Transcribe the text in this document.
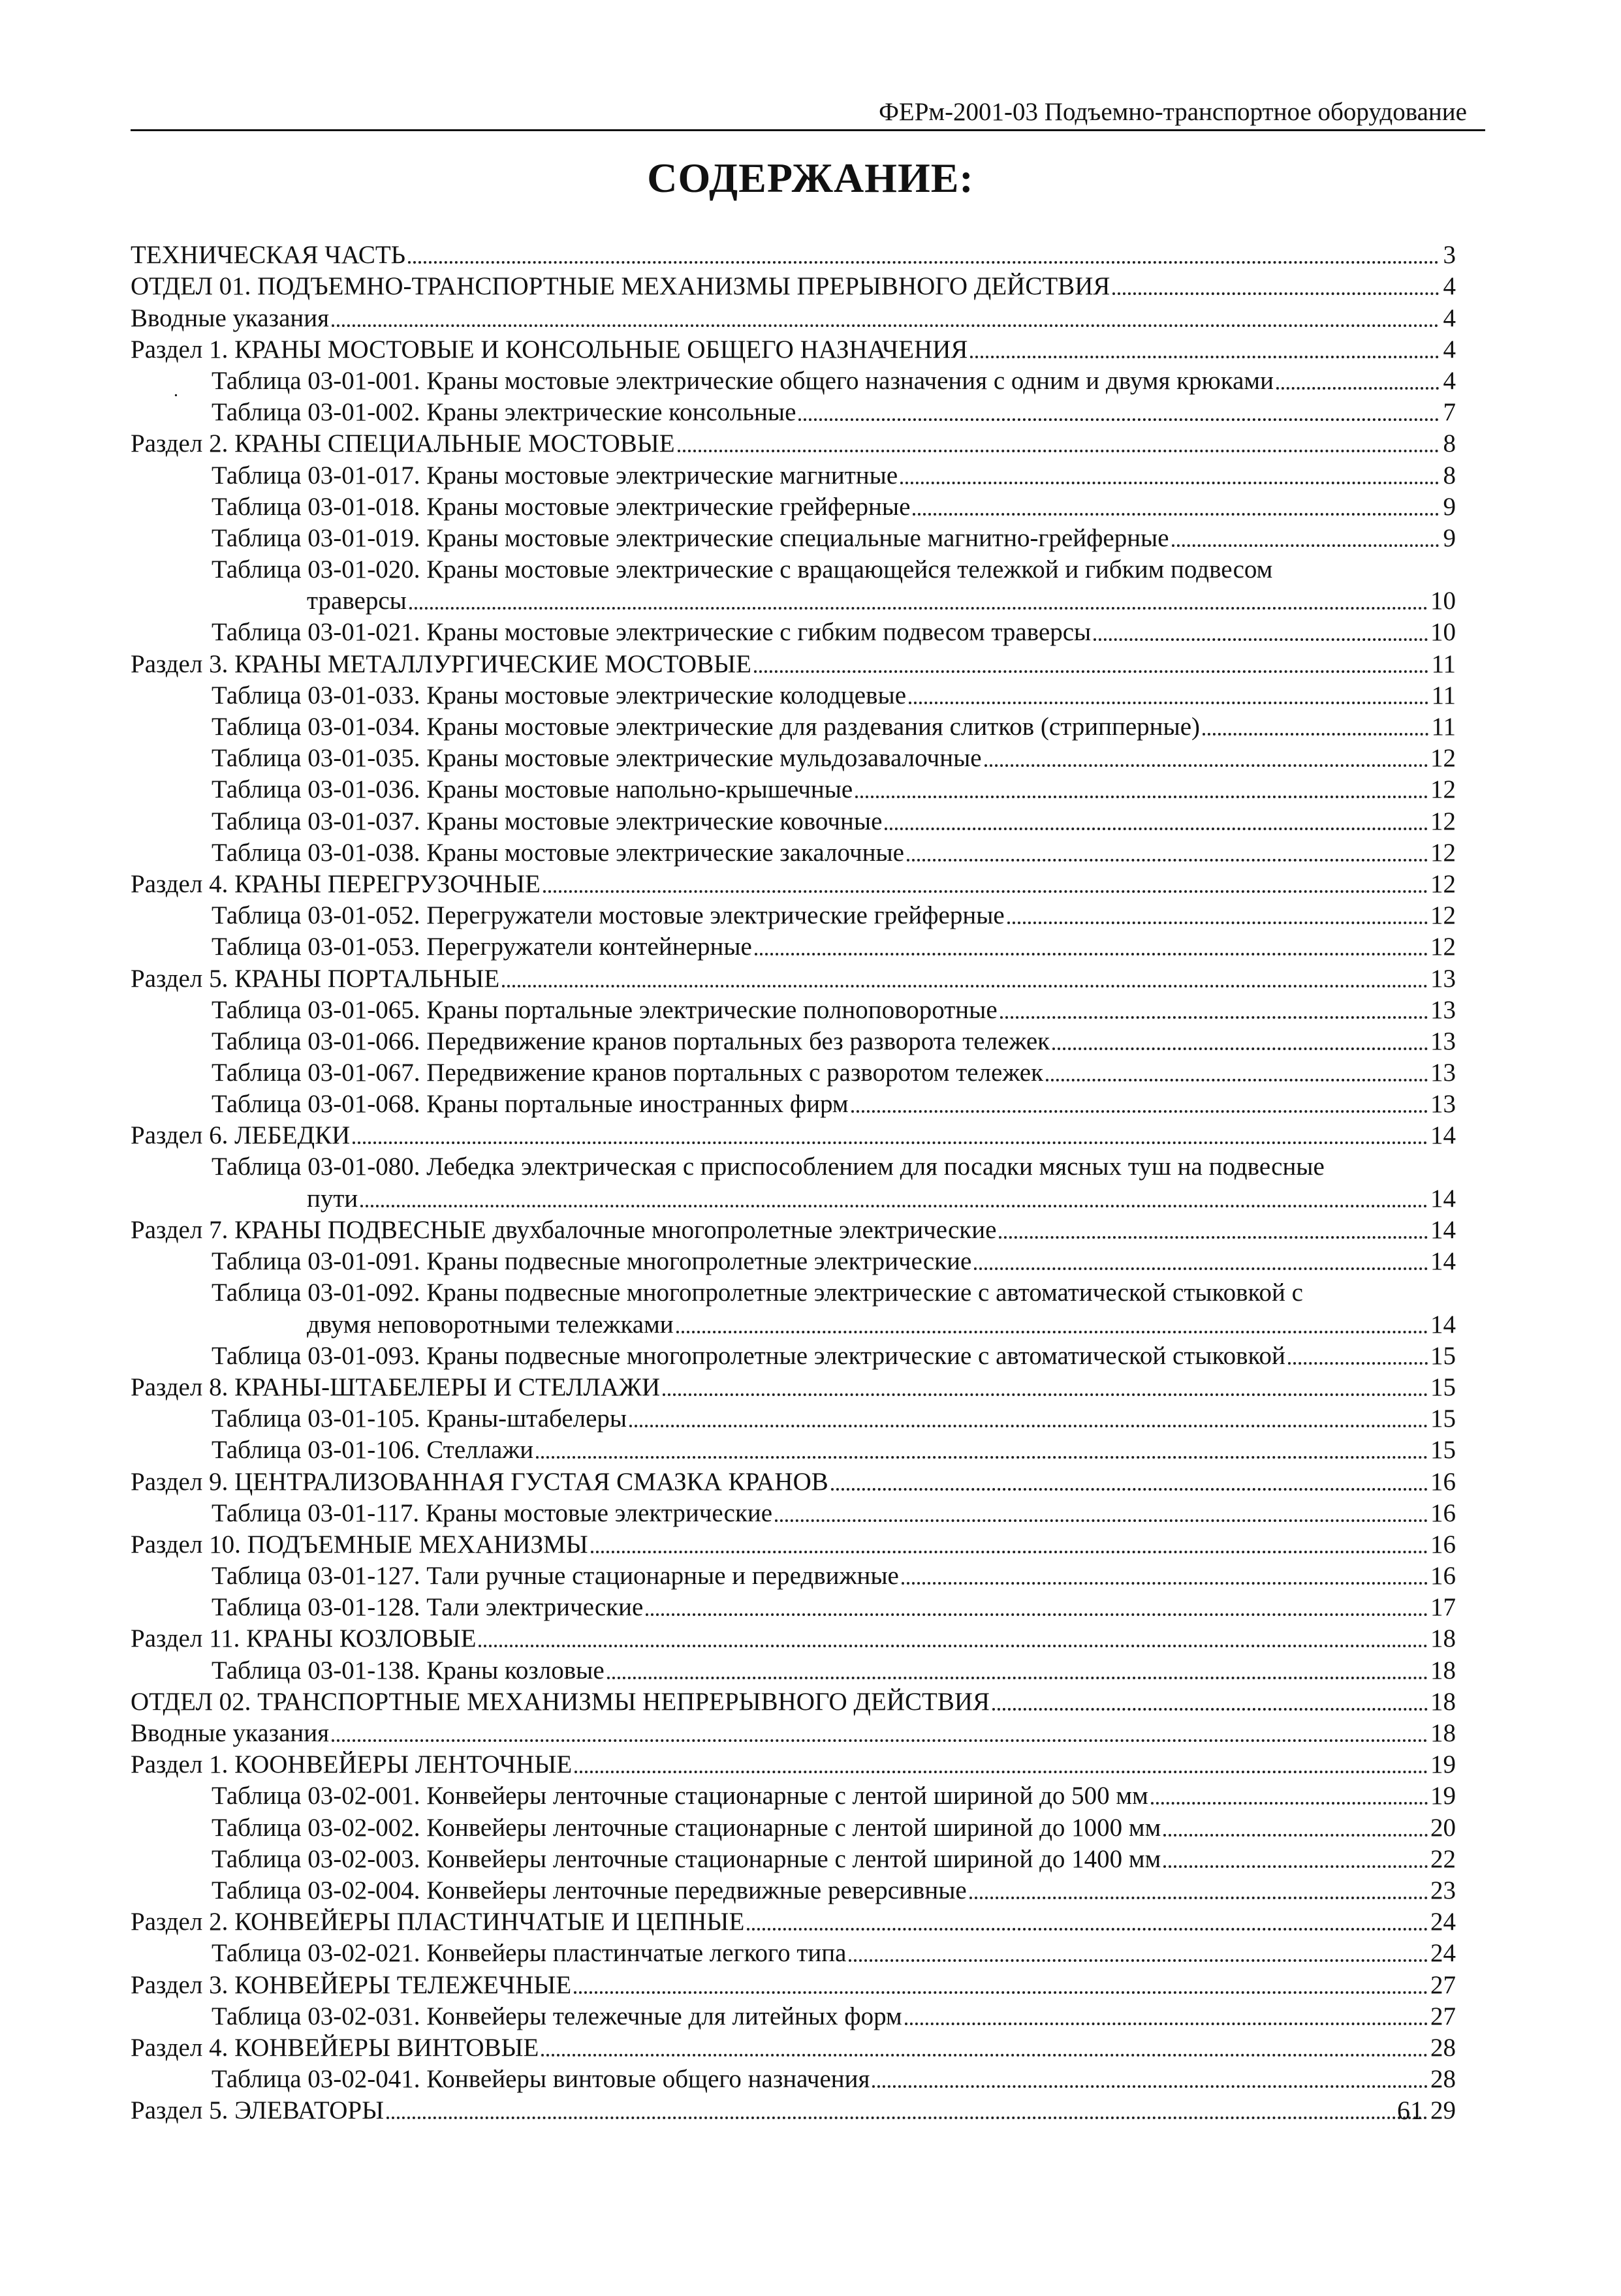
ФЕРм-2001-03 Подъемно-транспортное оборудование
СОДЕРЖАНИЕ:
.
ТЕХНИЧЕСКАЯ ЧАСТЬ	3
ОТДЕЛ 01. ПОДЪЕМНО-ТРАНСПОРТНЫЕ МЕХАНИЗМЫ ПРЕРЫВНОГО ДЕЙСТВИЯ	4
Вводные указания	4
Раздел 1. КРАНЫ МОСТОВЫЕ И КОНСОЛЬНЫЕ ОБЩЕГО НАЗНАЧЕНИЯ	4
Таблица 03-01-001. Краны мостовые электрические общего назначения с одним и двумя крюками	4
Таблица 03-01-002. Краны электрические консольные	7
Раздел 2. КРАНЫ СПЕЦИАЛЬНЫЕ МОСТОВЫЕ	8
Таблица 03-01-017. Краны мостовые электрические магнитные	8
Таблица 03-01-018. Краны мостовые электрические грейферные	9
Таблица 03-01-019. Краны мостовые электрические специальные магнитно-грейферные	9
Таблица 03-01-020. Краны мостовые электрические с вращающейся тележкой и гибким подвесом
траверсы	10
Таблица 03-01-021. Краны мостовые электрические с гибким подвесом траверсы	10
Раздел 3. КРАНЫ МЕТАЛЛУРГИЧЕСКИЕ МОСТОВЫЕ	11
Таблица 03-01-033. Краны мостовые электрические колодцевые	11
Таблица 03-01-034. Краны мостовые электрические для раздевания слитков (стрипперные)	11
Таблица 03-01-035. Краны мостовые электрические мульдозавалочные	12
Таблица 03-01-036. Краны мостовые напольно-крышечные	12
Таблица 03-01-037. Краны мостовые электрические ковочные	12
Таблица 03-01-038. Краны мостовые электрические закалочные	12
Раздел 4. КРАНЫ ПЕРЕГРУЗОЧНЫЕ	12
Таблица 03-01-052. Перегружатели мостовые электрические грейферные	12
Таблица 03-01-053. Перегружатели контейнерные	12
Раздел 5. КРАНЫ ПОРТАЛЬНЫЕ	13
Таблица 03-01-065. Краны портальные электрические полноповоротные	13
Таблица 03-01-066. Передвижение кранов портальных без разворота тележек	13
Таблица 03-01-067. Передвижение кранов портальных с разворотом тележек	13
Таблица 03-01-068. Краны портальные иностранных фирм	13
Раздел 6. ЛЕБЕДКИ	14
Таблица 03-01-080. Лебедка электрическая с приспособлением для посадки мясных туш на подвесные
пути	14
Раздел 7. КРАНЫ ПОДВЕСНЫЕ двухбалочные многопролетные электрические	14
Таблица 03-01-091. Краны подвесные многопролетные электрические	14
Таблица 03-01-092. Краны подвесные многопролетные электрические с автоматической стыковкой с
двумя неповоротными тележками	14
Таблица 03-01-093. Краны подвесные многопролетные электрические с автоматической стыковкой	15
Раздел 8. КРАНЫ-ШТАБЕЛЕРЫ И СТЕЛЛАЖИ	15
Таблица 03-01-105. Краны-штабелеры	15
Таблица 03-01-106. Стеллажи	15
Раздел 9. ЦЕНТРАЛИЗОВАННАЯ ГУСТАЯ СМАЗКА КРАНОВ	16
Таблица 03-01-117. Краны мостовые электрические	16
Раздел 10. ПОДЪЕМНЫЕ МЕХАНИЗМЫ	16
Таблица 03-01-127. Тали ручные стационарные и передвижные	16
Таблица 03-01-128. Тали электрические	17
Раздел 11. КРАНЫ КОЗЛОВЫЕ	18
Таблица 03-01-138. Краны козловые	18
ОТДЕЛ 02. ТРАНСПОРТНЫЕ МЕХАНИЗМЫ НЕПРЕРЫВНОГО ДЕЙСТВИЯ	18
Вводные указания	18
Раздел 1. КООНВЕЙЕРЫ ЛЕНТОЧНЫЕ	19
Таблица 03-02-001. Конвейеры ленточные стационарные с лентой шириной до 500 мм	19
Таблица 03-02-002. Конвейеры ленточные стационарные с лентой шириной до 1000 мм	20
Таблица 03-02-003. Конвейеры ленточные стационарные с лентой шириной до 1400 мм	22
Таблица 03-02-004. Конвейеры ленточные передвижные реверсивные	23
Раздел 2. КОНВЕЙЕРЫ ПЛАСТИНЧАТЫЕ И ЦЕПНЫЕ	24
Таблица 03-02-021. Конвейеры пластинчатые легкого типа	24
Раздел 3. КОНВЕЙЕРЫ ТЕЛЕЖЕЧНЫЕ	27
Таблица 03-02-031. Конвейеры тележечные для литейных форм	27
Раздел 4. КОНВЕЙЕРЫ ВИНТОВЫЕ	28
Таблица 03-02-041. Конвейеры винтовые общего назначения	28
Раздел 5. ЭЛЕВАТОРЫ	29
61
